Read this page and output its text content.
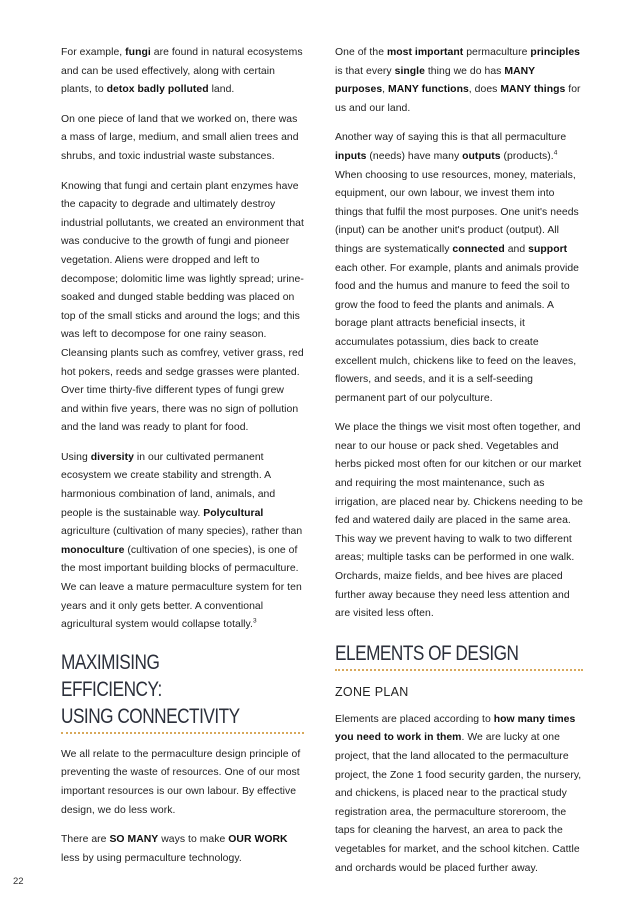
For example, fungi are found in natural ecosystems and can be used effectively, along with certain plants, to detox badly polluted land.

On one piece of land that we worked on, there was a mass of large, medium, and small alien trees and shrubs, and toxic industrial waste substances.

Knowing that fungi and certain plant enzymes have the capacity to degrade and ultimately destroy industrial pollutants, we created an environment that was conducive to the growth of fungi and pioneer vegetation. Aliens were dropped and left to decompose; dolomitic lime was lightly spread; urine-soaked and dunged stable bedding was placed on top of the small sticks and around the logs; and this was left to decompose for one rainy season. Cleansing plants such as comfrey, vetiver grass, red hot pokers, reeds and sedge grasses were planted. Over time thirty-five different types of fungi grew and within five years, there was no sign of pollution and the land was ready to plant for food.

Using diversity in our cultivated permanent ecosystem we create stability and strength. A harmonious combination of land, animals, and people is the sustainable way. Polycultural agriculture (cultivation of many species), rather than monoculture (cultivation of one species), is one of the most important building blocks of permaculture. We can leave a mature permaculture system for ten years and it only gets better. A conventional agricultural system would collapse totally.$^3$

MAXIMISING EFFICIENCY:
USING CONNECTIVITY

We all relate to the permaculture design principle of preventing the waste of resources. One of our most important resources is our own labour. By effective design, we do less work.

There are SO MANY ways to make OUR WORK less by using permaculture technology.

One of the most important permaculture principles is that every single thing we do has MANY purposes, MANY functions, does MANY things for us and our land.

Another way of saying this is that all permaculture inputs (needs) have many outputs (products).$^4$ When choosing to use resources, money, materials, equipment, our own labour, we invest them into things that fulfil the most purposes. One unit's needs (input) can be another unit's product (output). All things are systematically connected and support each other. For example, plants and animals provide food and the humus and manure to feed the soil to grow the food to feed the plants and animals. A borage plant attracts beneficial insects, it accumulates potassium, dies back to create excellent mulch, chickens like to feed on the leaves, flowers, and seeds, and it is a self-seeding permanent part of our polyculture.

We place the things we visit most often together, and near to our house or pack shed. Vegetables and herbs picked most often for our kitchen or our market and requiring the most maintenance, such as irrigation, are placed near by. Chickens needing to be fed and watered daily are placed in the same area. This way we prevent having to walk to two different areas; multiple tasks can be performed in one walk. Orchards, maize fields, and bee hives are placed further away because they need less attention and are visited less often.

ELEMENTS OF DESIGN
ZONE PLAN

Elements are placed according to how many times you need to work in them. We are lucky at one project, that the land allocated to the permaculture project, the Zone 1 food security garden, the nursery, and chickens, is placed near to the practical study registration area, the permaculture storeroom, the taps for cleaning the harvest, an area to pack the vegetables for market, and the school kitchen. Cattle and orchards would be placed further away.

22
